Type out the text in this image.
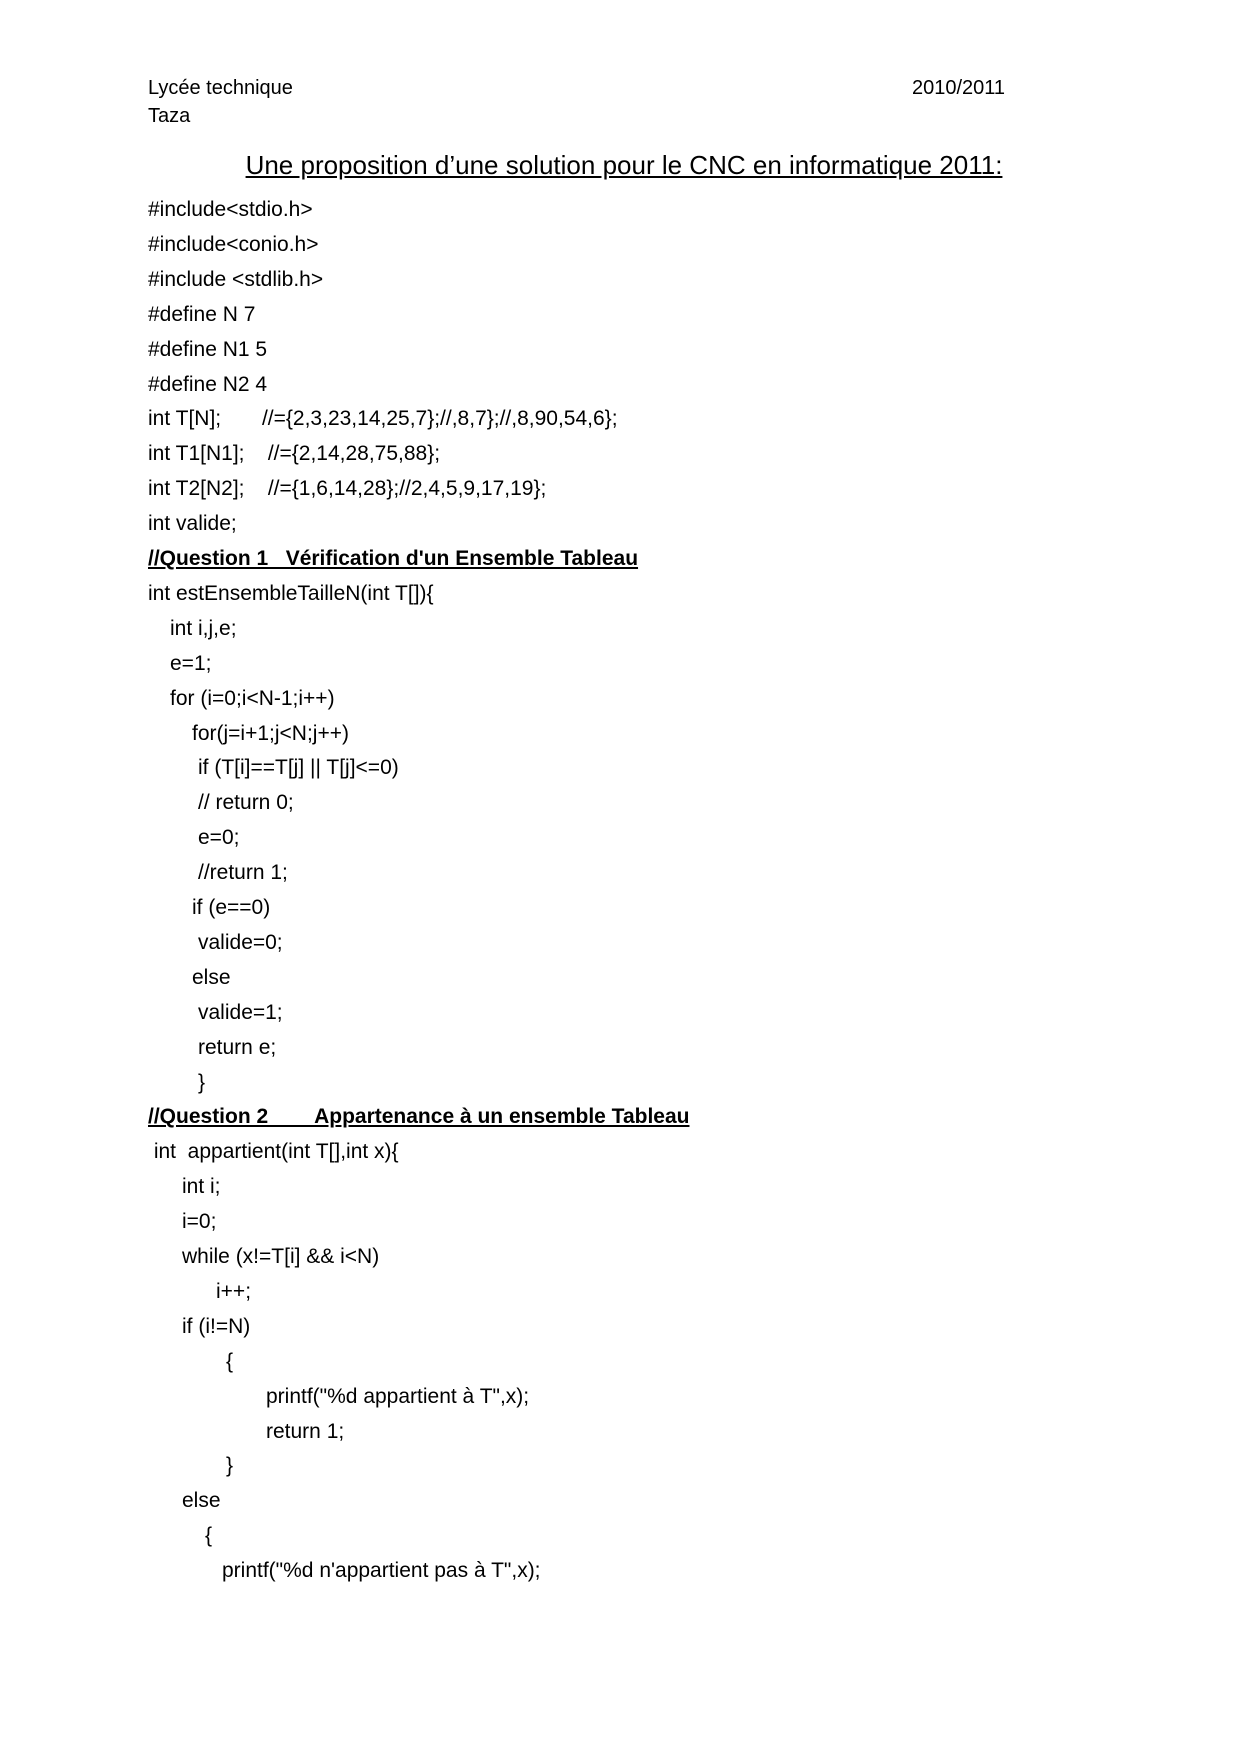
Lycée technique
Taza
2010/2011
Une proposition d’une solution pour le CNC en informatique 2011:
#include<stdio.h>
#include<conio.h>
#include <stdlib.h>
#define N 7
#define N1 5
#define N2 4
int T[N];       //={2,3,23,14,25,7};//,8,7};//,8,90,54,6};
int T1[N1];    //={2,14,28,75,88};
int T2[N2];    //={1,6,14,28};//2,4,5,9,17,19};
int valide;
//Question 1   Vérification d'un Ensemble Tableau
int estEnsembleTailleN(int T[]){
int i,j,e;
e=1;
for (i=0;i<N-1;i++)
for(j=i+1;j<N;j++)
if (T[i]==T[j] || T[j]<=0)
// return 0;
e=0;
//return 1;
if (e==0)
valide=0;
else
valide=1;
return e;
}
//Question 2        Appartenance à un ensemble Tableau
int  appartient(int T[],int x){
int i;
i=0;
while (x!=T[i] && i<N)
i++;
if (i!=N)
{
printf("%d appartient à T",x);
return 1;
}
else
{
printf("%d n'appartient pas à T",x);
